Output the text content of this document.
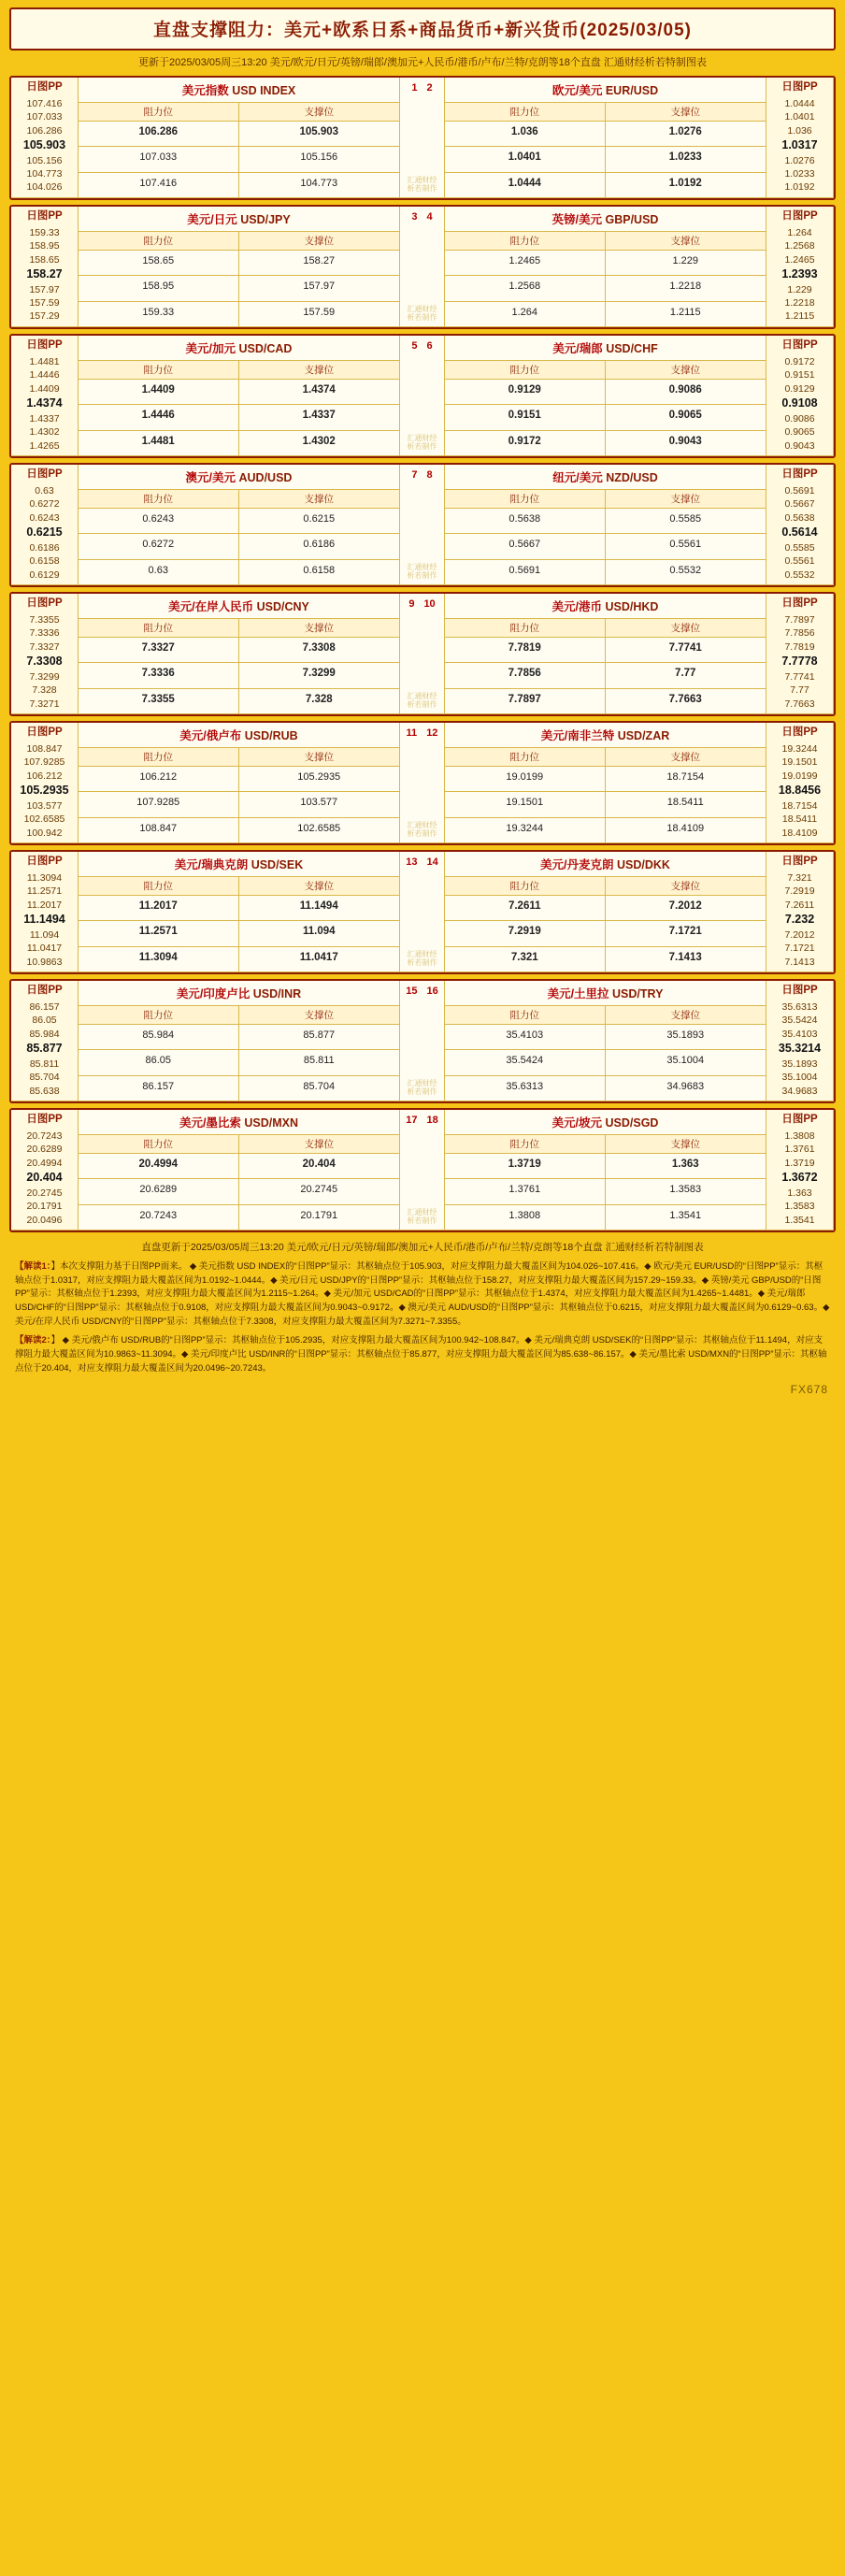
直盘支撑阻力：美元+欧系日系+商品货币+新兴货币(2025/03/05)
更新于2025/03/05周三13:20 美元/欧元/日元/英镑/瑞郎/澳加元+人民币/港币/卢布/兰特/克朗等18个直盘 汇通财经析若特制图表
日图PP
107.416
107.033
106.286
105.903
105.156
104.773
104.026
美元指数 USD INDEX
阻力位	支撑位
106.286	105.903
107.033	105.156
107.416	104.773
1 2
汇通财经
析若制作
欧元/美元 EUR/USD
阻力位	支撑位
1.036	1.0276
1.0401	1.0233
1.0444	1.0192
日图PP
1.0444
1.0401
1.036
1.0317
1.0276
1.0233
1.0192
日图PP
159.33
158.95
158.65
158.27
157.97
157.59
157.29
美元/日元 USD/JPY
阻力位	支撑位
158.65	158.27
158.95	157.97
159.33	157.59
3 4
汇通财经
析若制作
英镑/美元 GBP/USD
阻力位	支撑位
1.2465	1.229
1.2568	1.2218
1.264	1.2115
日图PP
1.264
1.2568
1.2465
1.2393
1.229
1.2218
1.2115
日图PP
1.4481
1.4446
1.4409
1.4374
1.4337
1.4302
1.4265
美元/加元 USD/CAD
阻力位	支撑位
1.4409	1.4374
1.4446	1.4337
1.4481	1.4302
5 6
汇通财经
析若制作
美元/瑞郎 USD/CHF
阻力位	支撑位
0.9129	0.9086
0.9151	0.9065
0.9172	0.9043
日图PP
0.9172
0.9151
0.9129
0.9108
0.9086
0.9065
0.9043
日图PP
0.63
0.6272
0.6243
0.6215
0.6186
0.6158
0.6129
澳元/美元 AUD/USD
阻力位	支撑位
0.6243	0.6215
0.6272	0.6186
0.63	0.6158
7 8
汇通财经
析若制作
纽元/美元 NZD/USD
阻力位	支撑位
0.5638	0.5585
0.5667	0.5561
0.5691	0.5532
日图PP
0.5691
0.5667
0.5638
0.5614
0.5585
0.5561
0.5532
日图PP
7.3355
7.3336
7.3327
7.3308
7.3299
7.328
7.3271
美元/在岸人民币 USD/CNY
阻力位	支撑位
7.3327	7.3308
7.3336	7.3299
7.3355	7.328
9 10
汇通财经
析若制作
美元/港币 USD/HKD
阻力位	支撑位
7.7819	7.7741
7.7856	7.77
7.7897	7.7663
日图PP
7.7897
7.7856
7.7819
7.7778
7.7741
7.77
7.7663
日图PP
108.847
107.9285
106.212
105.2935
103.577
102.6585
100.942
美元/俄卢布 USD/RUB
阻力位	支撑位
106.212	105.2935
107.9285	103.577
108.847	102.6585
11 12
汇通财经
析若制作
美元/南非兰特 USD/ZAR
阻力位	支撑位
19.0199	18.7154
19.1501	18.5411
19.3244	18.4109
日图PP
19.3244
19.1501
19.0199
18.8456
18.7154
18.5411
18.4109
日图PP
11.3094
11.2571
11.2017
11.1494
11.094
11.0417
10.9863
美元/瑞典克朗 USD/SEK
阻力位	支撑位
11.2017	11.1494
11.2571	11.094
11.3094	11.0417
13 14
汇通财经
析若制作
美元/丹麦克朗 USD/DKK
阻力位	支撑位
7.2611	7.2012
7.2919	7.1721
7.321	7.1413
日图PP
7.321
7.2919
7.2611
7.232
7.2012
7.1721
7.1413
日图PP
86.157
86.05
85.984
85.877
85.811
85.704
85.638
美元/印度卢比 USD/INR
阻力位	支撑位
85.984	85.877
86.05	85.811
86.157	85.704
15 16
汇通财经
析若制作
美元/土里拉 USD/TRY
阻力位	支撑位
35.4103	35.1893
35.5424	35.1004
35.6313	34.9683
日图PP
35.6313
35.5424
35.4103
35.3214
35.1893
35.1004
34.9683
日图PP
20.7243
20.6289
20.4994
20.404
20.2745
20.1791
20.0496
美元/墨比索 USD/MXN
阻力位	支撑位
20.4994	20.404
20.6289	20.2745
20.7243	20.1791
17 18
汇通财经
析若制作
美元/坡元 USD/SGD
阻力位	支撑位
1.3719	1.363
1.3761	1.3583
1.3808	1.3541
日图PP
1.3808
1.3761
1.3719
1.3672
1.363
1.3583
1.3541
直盘更新于2025/03/05周三13:20 美元/欧元/日元/英镑/瑞郎/澳加元+人民币/港币/卢布/兰特/克朗等18个直盘 汇通财经析若特制图表
【解读1：】本次支撑阻力基于日图PP而来。 ◆ 美元指数 USD INDEX的“日图PP”显示：其枢轴点位于105.903，对应支撑阻力最大覆盖区间为104.026~107.416。◆ 欧元/美元 EUR/USD的“日图PP”显示：其枢轴点位于1.0317，对应支撑阻力最大覆盖区间为1.0192~1.0444。◆ 美元/日元 USD/JPY的“日图PP”显示：其枢轴点位于158.27，对应支撑阻力最大覆盖区间为157.29~159.33。◆ 英镑/美元 GBP/USD的“日图PP”显示：其枢轴点位于1.2393，对应支撑阻力最大覆盖区间为1.2115~1.264。◆ 美元/加元 USD/CAD的“日图PP”显示：其枢轴点位于1.4374，对应支撑阻力最大覆盖区间为1.4265~1.4481。◆ 美元/瑞郎 USD/CHF的“日图PP”显示：其枢轴点位于0.9108，对应支撑阻力最大覆盖区间为0.9043~0.9172。◆ 澳元/美元 AUD/USD的“日图PP”显示：其枢轴点位于0.6215，对应支撑阻力最大覆盖区间为0.6129~0.63。◆ 美元/在岸人民币 USD/CNY的“日图PP”显示：其枢轴点位于7.3308，对应支撑阻力最大覆盖区间为7.3271~7.3355。
【解读2：】 ◆ 美元/俄卢布 USD/RUB的“日图PP”显示：其枢轴点位于105.2935，对应支撑阻力最大覆盖区间为100.942~108.847。◆ 美元/瑞典克朗 USD/SEK的“日图PP”显示：其枢轴点位于11.1494，对应支撑阻力最大覆盖区间为10.9863~11.3094。◆ 美元/印度卢比 USD/INR的“日图PP”显示：其枢轴点位于85.877，对应支撑阻力最大覆盖区间为85.638~86.157。◆ 美元/墨比索 USD/MXN的“日图PP”显示：其枢轴点位于20.404，对应支撑阻力最大覆盖区间为20.0496~20.7243。
FX678
